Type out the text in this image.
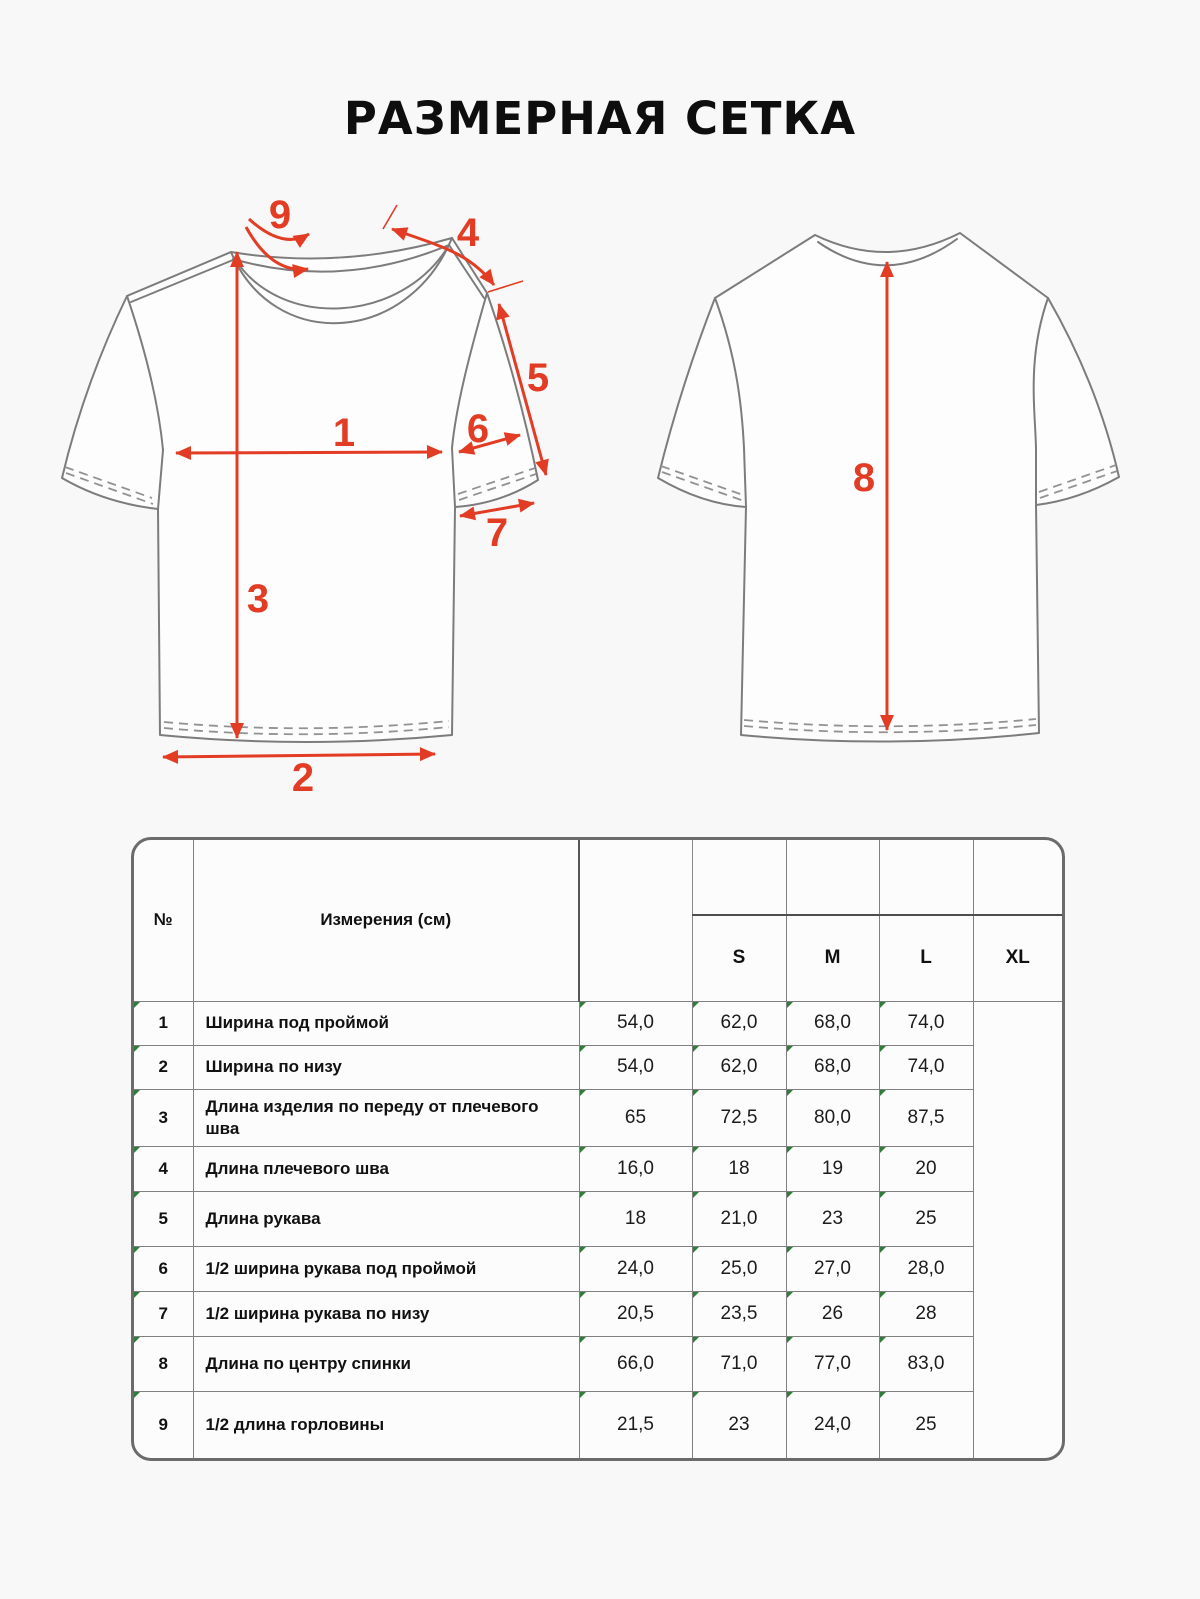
РАЗМЕРНАЯ СЕТКА
1
2
3
4
5
6
7
9
8
№	Измерения (см)					
			S	M	L	XL
1	Ширина под проймой	54,0	62,0	68,0	74,0	
2	Ширина по низу	54,0	62,0	68,0	74,0	
3	Длина изделия по переду от плечевого шва	65	72,5	80,0	87,5	
4	Длина плечевого шва	16,0	18	19	20	
5	Длина рукава	18	21,0	23	25	
6	1/2 ширина рукава под проймой	24,0	25,0	27,0	28,0	
7	1/2 ширина рукава по низу	20,5	23,5	26	28	
8	Длина по центру спинки	66,0	71,0	77,0	83,0	
9	1/2 длина горловины	21,5	23	24,0	25	
